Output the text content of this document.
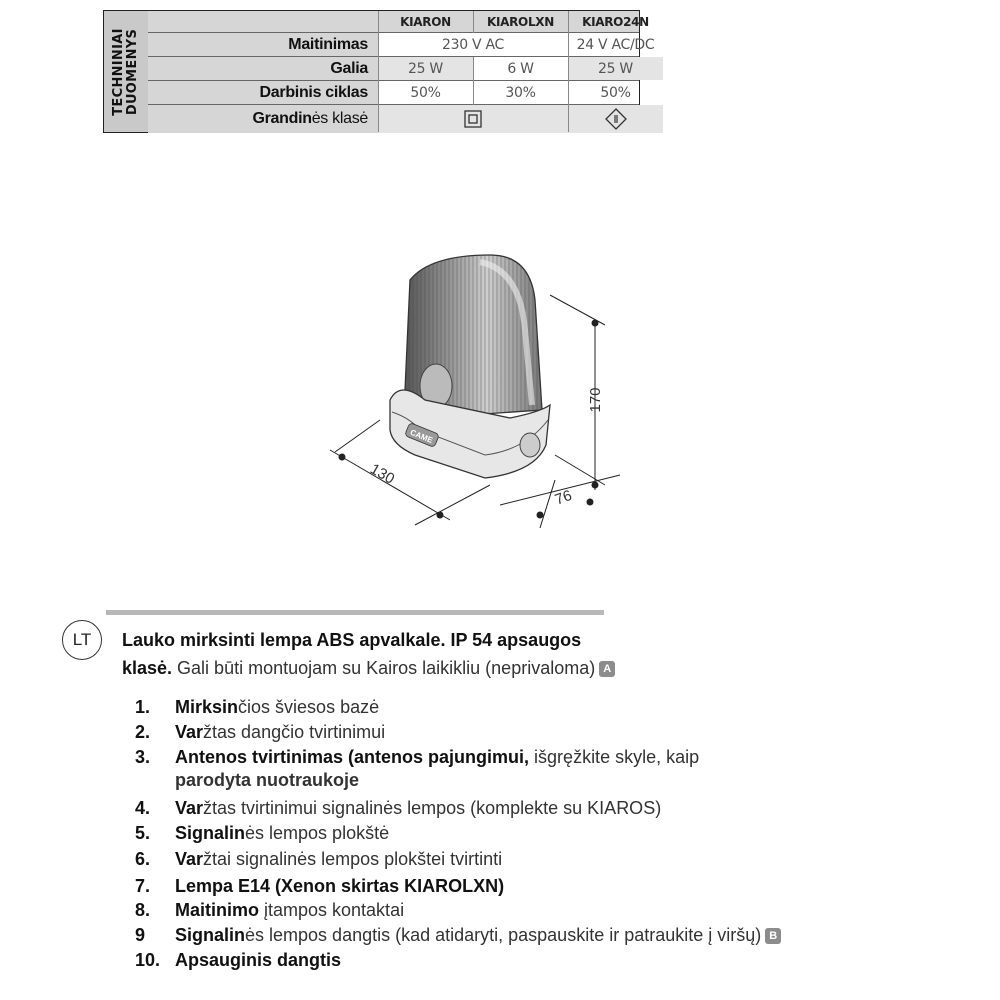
TECHNINIAI
DUOMENYS
KIARON	KIAROLXN	KIARO24N
Maitinimas	230 V AC	24 V AC/DC
Galia	25 W	6 W	25 W
Darbinis ciklas	50%	30%	50%
Grandin ės klasė
CAME
170
130
76
LT	Lauko mirksinti lempa ABS apvalkale. IP 54 apsaugos
klasė. Gali būti montuojam su Kairos laikikliu (neprivaloma) A
1. Mirksinčios šviesos bazė
2. Varžtas dangčio tvirtinimui
3. Antenos tvirtinimas (antenos pajungimui, išgręžkite skyle, kaip
parodyta nuotraukoje
4. Varžtas tvirtinimui signalinės lempos (komplekte su KIAROS)
5. Signalinės lempos plokštė
6. Varžtai signalinės lempos plokštei tvirtinti
7. Lempa E14 (Xenon skirtas KIAROLXN)
8. Maitinimo įtampos kontaktai
9 Signalinės lempos dangtis (kad atidaryti, paspauskite ir patraukite į viršų) B
10. Apsauginis dangtis
